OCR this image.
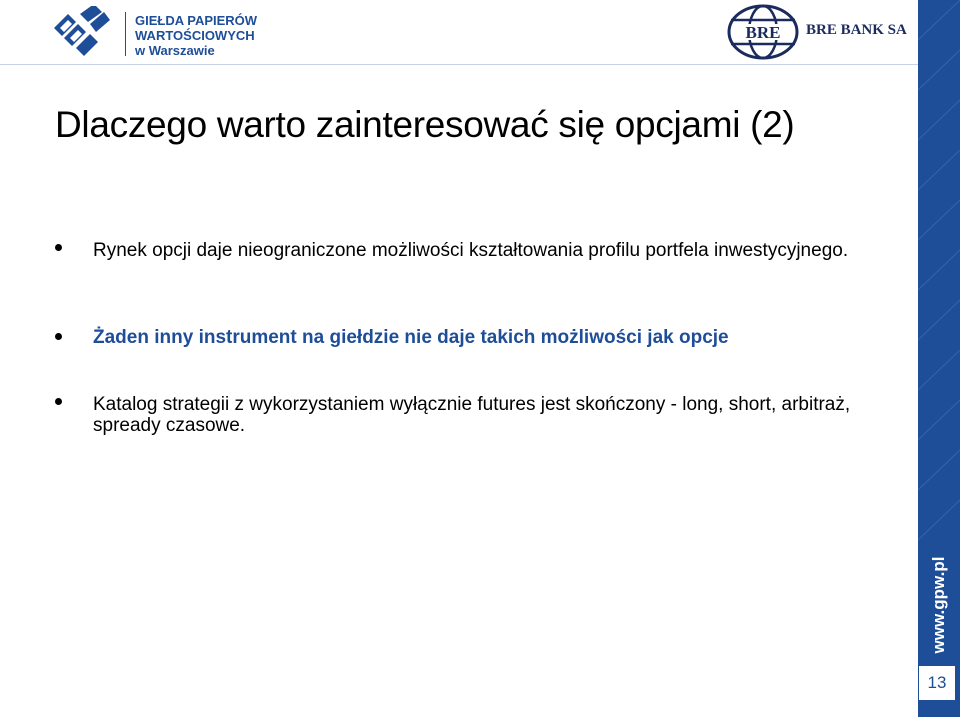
GIEŁDA PAPIERÓW
WARTOŚCIOWYCH
w Warszawie
BRE BRE BANK SA
www.gpw.pl
13
Dlaczego warto zainteresować się opcjami (2)
Rynek opcji daje nieograniczone możliwości kształtowania profilu portfela inwestycyjnego.
Żaden inny instrument na giełdzie nie daje takich możliwości jak opcje
Katalog strategii z wykorzystaniem wyłącznie futures jest skończony - long, short, arbitraż, spready czasowe.
